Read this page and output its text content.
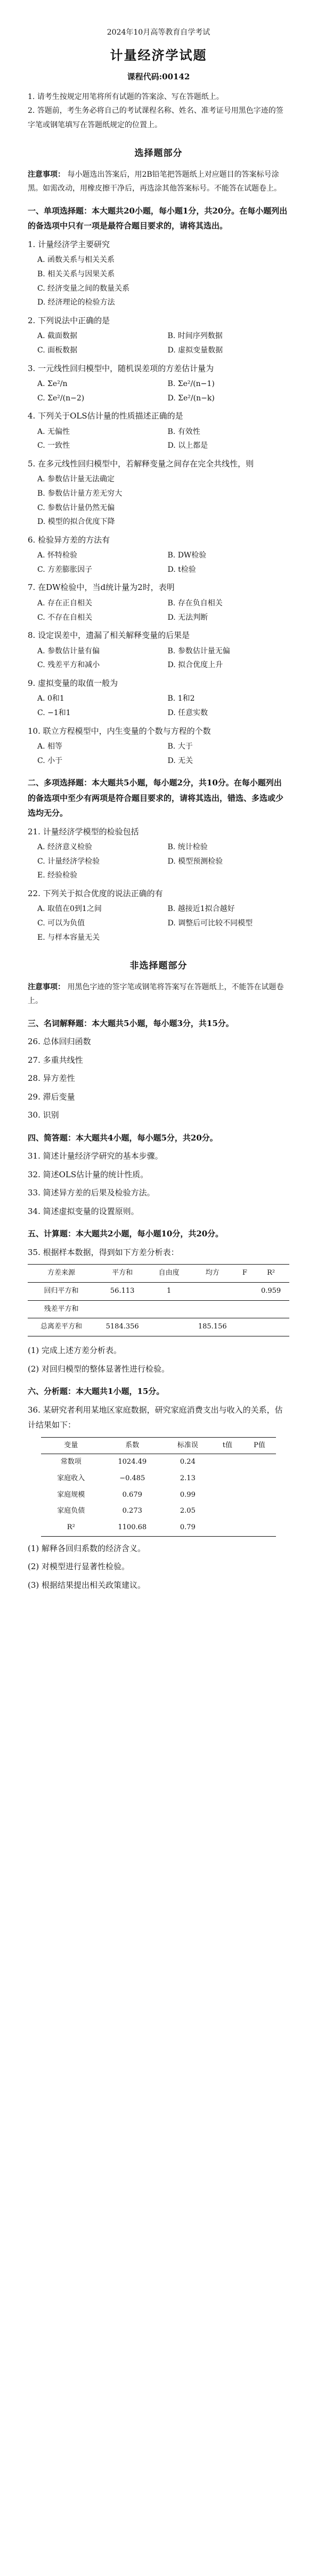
2024年10月高等教育自学考试
计量经济学试题
课程代码:00142

1. 请考生按规定用笔将所有试题的答案涂、写在答题纸上。

2. 答题前，考生务必将自己的考试课程名称、姓名、准考证号用黑色字迹的签字笔或钢笔填写在答题纸规定的位置上。

选择题部分

注意事项： 每小题选出答案后，用2B铅笔把答题纸上对应题目的答案标号涂黑。如需改动，用橡皮擦干净后，再选涂其他答案标号。不能答在试题卷上。

一、单项选择题：本大题共20小题，每小题1分，共20分。在每小题列出的备选项中只有一项是最符合题目要求的，请将其选出。
1. 计量经济学主要研究
A. 函数关系与相关关系
B. 相关关系与因果关系
C. 经济变量之间的数量关系
D. 经济理论的检验方法
2. 下列说法中正确的是
A. 截面数据	B. 时间序列数据
C. 面板数据	D. 虚拟变量数据
3. 一元线性回归模型中，随机误差项的方差估计量为
A. Σe²/n	B. Σe²/(n−1)
C. Σe²/(n−2)	D. Σe²/(n−k)
4. 下列关于OLS估计量的性质描述正确的是
A. 无偏性	B. 有效性
C. 一致性	D. 以上都是
5. 在多元线性回归模型中，若解释变量之间存在完全共线性，则
A. 参数估计量无法确定
B. 参数估计量方差无穷大
C. 参数估计量仍然无偏
D. 模型的拟合优度下降
6. 检验异方差的方法有
A. 怀特检验	B. DW检验
C. 方差膨胀因子	D. t检验
7. 在DW检验中，当d统计量为2时，表明
A. 存在正自相关	B. 存在负自相关
C. 不存在自相关	D. 无法判断
8. 设定误差中，遗漏了相关解释变量的后果是
A. 参数估计量有偏	B. 参数估计量无偏
C. 残差平方和减小	D. 拟合优度上升
9. 虚拟变量的取值一般为
A. 0和1	B. 1和2
C. −1和1	D. 任意实数
10. 联立方程模型中，内生变量的个数与方程的个数
A. 相等	B. 大于
C. 小于	D. 无关
二、多项选择题：本大题共5小题，每小题2分，共10分。在每小题列出的备选项中至少有两项是符合题目要求的，请将其选出，错选、多选或少选均无分。
21. 计量经济学模型的检验包括
A. 经济意义检验	B. 统计检验
C. 计量经济学检验	D. 模型预测检验
E. 经验检验
22. 下列关于拟合优度的说法正确的有
A. 取值在0到1之间	B. 越接近1拟合越好
C. 可以为负值	D. 调整后可比较不同模型
E. 与样本容量无关
非选择题部分

注意事项： 用黑色字迹的签字笔或钢笔将答案写在答题纸上，不能答在试题卷上。

三、名词解释题：本大题共5小题，每小题3分，共15分。
26. 总体回归函数
27. 多重共线性
28. 异方差性
29. 滞后变量
30. 识别
四、简答题：本大题共4小题，每小题5分，共20分。
31. 简述计量经济学研究的基本步骤。
32. 简述OLS估计量的统计性质。
33. 简述异方差的后果及检验方法。
34. 简述虚拟变量的设置原则。
五、计算题：本大题共2小题，每小题10分，共20分。
35. 根据样本数据，得到如下方差分析表：
方差来源	平方和	自由度	均方	F	R²
回归平方和	56.113	1			0.959
残差平方和					
总离差平方和	5184.356		185.156		
(1) 完成上述方差分析表。
(2) 对回归模型的整体显著性进行检验。
六、分析题：本大题共1小题，15分。
36. 某研究者利用某地区家庭数据，研究家庭消费支出与收入的关系，估计结果如下：
变量	系数	标准误	t值	P值
常数项	1024.49	0.24		
家庭收入	−0.485	2.13		
家庭规模	0.679	0.99		
家庭负债	0.273	2.05		
R²	1100.68	0.79		
(1) 解释各回归系数的经济含义。
(2) 对模型进行显著性检验。
(3) 根据结果提出相关政策建议。
